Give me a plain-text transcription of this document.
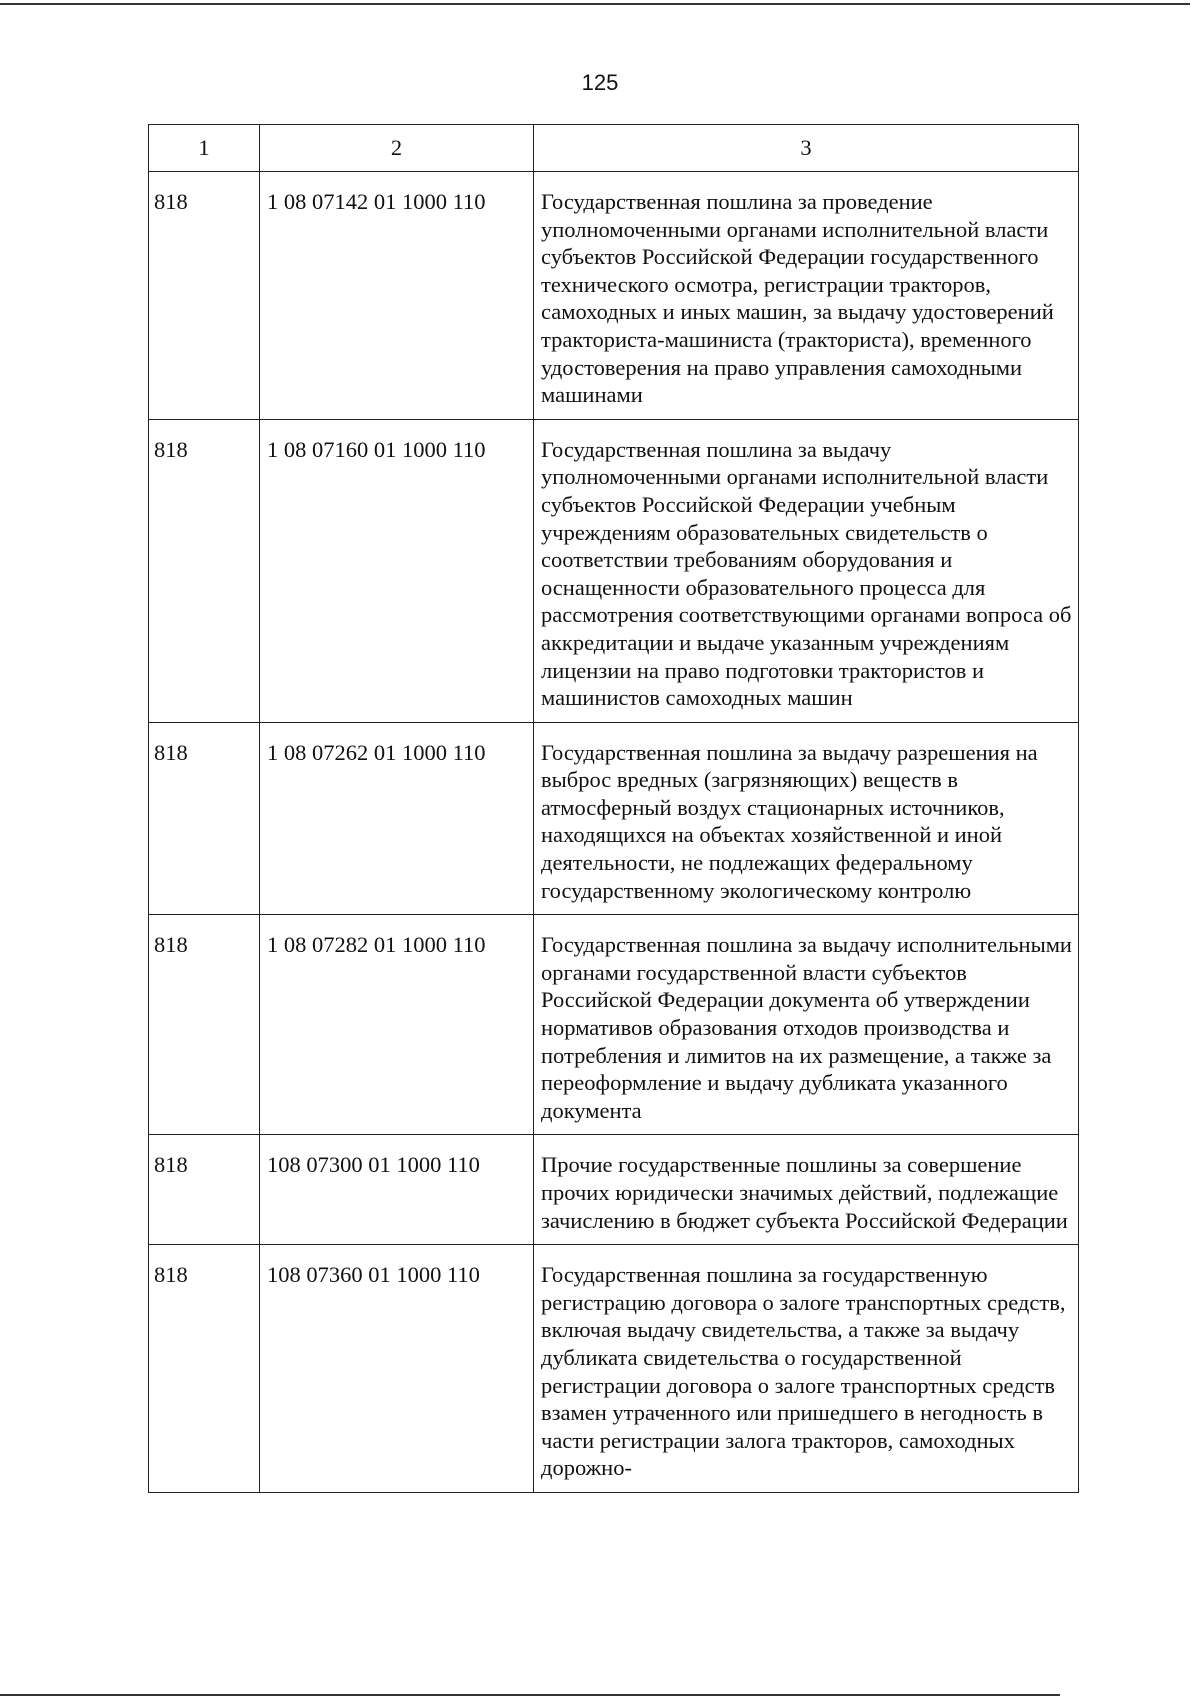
125
1	2	3
818	1 08 07142 01 1000 110	Государственная пошлина за проведение уполномоченными органами исполнительной власти субъектов Российской Федерации государственного технического осмотра, регистрации тракторов, самоходных и иных машин, за выдачу удостоверений тракториста-машиниста (тракториста), временного удостоверения на право управления самоходными машинами
818	1 08 07160 01 1000 110	Государственная пошлина за выдачу уполномоченными органами исполнительной власти субъектов Российской Федерации учебным учреждениям образовательных свидетельств о соответствии требованиям оборудования и оснащенности образовательного процесса для рассмотрения соответствующими органами вопроса об аккредитации и выдаче указанным учреждениям лицензии на право подготовки трактористов и машинистов самоходных машин
818	1 08 07262 01 1000 110	Государственная пошлина за выдачу разрешения на выброс вредных (загрязняющих) веществ в атмосферный воздух стационарных источников, находящихся на объектах хозяйственной и иной деятельности, не подлежащих федеральному государственному экологическому контролю
818	1 08 07282 01 1000 110	Государственная пошлина за выдачу исполнительными органами государственной власти субъектов Российской Федерации документа об утверждении нормативов образования отходов производства и потребления и лимитов на их размещение, а также за переоформление и выдачу дубликата указанного документа
818	108 07300 01 1000 110	Прочие государственные пошлины за совершение прочих юридически значимых действий, подлежащие зачислению в бюджет субъекта Российской Федерации
818	108 07360 01 1000 110	Государственная пошлина за государственную регистрацию договора о залоге транспортных средств, включая выдачу свидетельства, а также за выдачу дубликата свидетельства о государственной регистрации договора о залоге транспортных средств взамен утраченного или пришедшего в негодность в части регистрации залога тракторов, самоходных дорожно-
